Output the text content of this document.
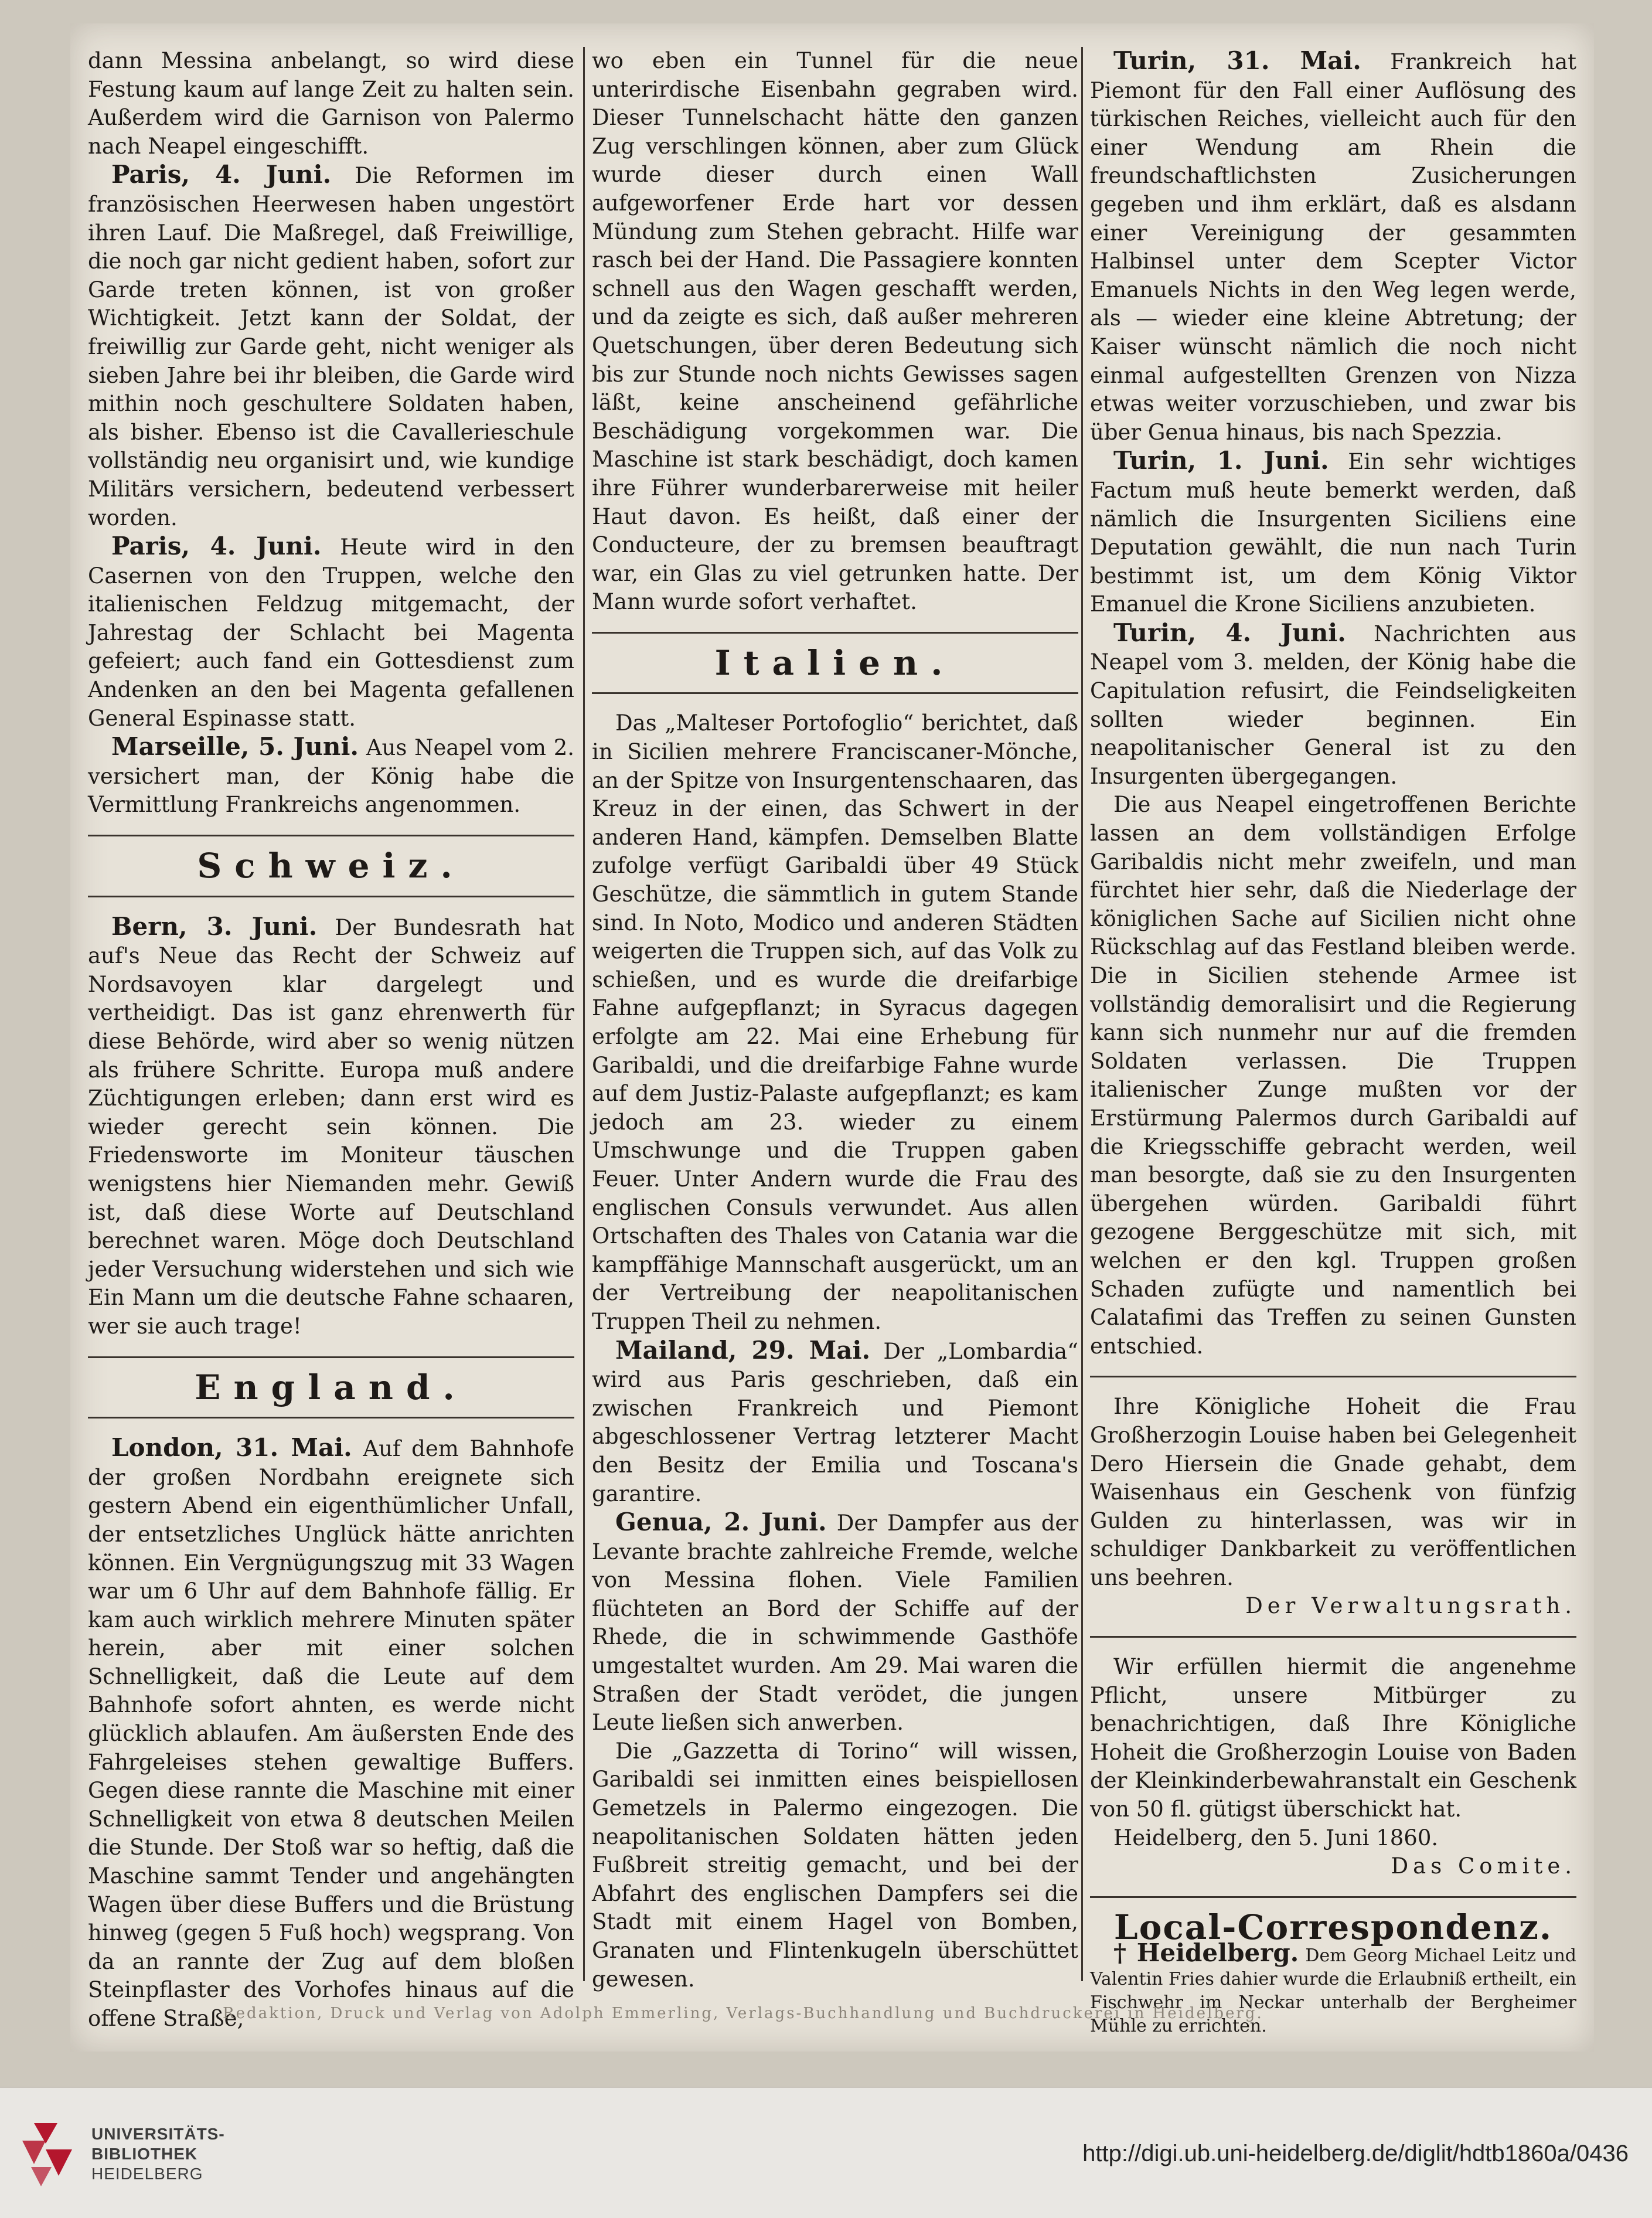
dann Messina anbelangt, so wird diese Festung kaum auf lange Zeit zu halten sein. Außerdem wird die Garnison von Palermo nach Neapel eingeschifft.

Paris, 4. Juni. Die Reformen im französischen Heerwesen haben ungestört ihren Lauf. Die Maßregel, daß Freiwillige, die noch gar nicht gedient haben, sofort zur Garde treten können, ist von großer Wichtigkeit. Jetzt kann der Soldat, der freiwillig zur Garde geht, nicht weniger als sieben Jahre bei ihr bleiben, die Garde wird mithin noch geschultere Soldaten haben, als bisher. Ebenso ist die Cavallerieschule vollständig neu organisirt und, wie kundige Militärs versichern, bedeutend verbessert worden.

Paris, 4. Juni. Heute wird in den Casernen von den Truppen, welche den italienischen Feldzug mitgemacht, der Jahrestag der Schlacht bei Magenta gefeiert; auch fand ein Gottesdienst zum Andenken an den bei Magenta gefallenen General Espinasse statt.

Marseille, 5. Juni. Aus Neapel vom 2. versichert man, der König habe die Vermittlung Frankreichs angenommen.

Schweiz.

Bern, 3. Juni. Der Bundesrath hat auf's Neue das Recht der Schweiz auf Nordsavoyen klar dargelegt und vertheidigt. Das ist ganz ehrenwerth für diese Behörde, wird aber so wenig nützen als frühere Schritte. Europa muß andere Züchtigungen erleben; dann erst wird es wieder gerecht sein können. Die Friedensworte im Moniteur täuschen wenigstens hier Niemanden mehr. Gewiß ist, daß diese Worte auf Deutschland berechnet waren. Möge doch Deutschland jeder Versuchung widerstehen und sich wie Ein Mann um die deutsche Fahne schaaren, wer sie auch trage!

England.

London, 31. Mai. Auf dem Bahnhofe der großen Nordbahn ereignete sich gestern Abend ein eigenthümlicher Unfall, der entsetzliches Unglück hätte anrichten können. Ein Vergnügungszug mit 33 Wagen war um 6 Uhr auf dem Bahnhofe fällig. Er kam auch wirklich mehrere Minuten später herein, aber mit einer solchen Schnelligkeit, daß die Leute auf dem Bahnhofe sofort ahnten, es werde nicht glücklich ablaufen. Am äußersten Ende des Fahrgeleises stehen gewaltige Buffers. Gegen diese rannte die Maschine mit einer Schnelligkeit von etwa 8 deutschen Meilen die Stunde. Der Stoß war so heftig, daß die Maschine sammt Tender und angehängten Wagen über diese Buffers und die Brüstung hinweg (gegen 5 Fuß hoch) wegsprang. Von da an rannte der Zug auf dem bloßen Steinpflaster des Vorhofes hinaus auf die offene Straße,

wo eben ein Tunnel für die neue unterirdische Eisenbahn gegraben wird. Dieser Tunnelschacht hätte den ganzen Zug verschlingen können, aber zum Glück wurde dieser durch einen Wall aufgeworfener Erde hart vor dessen Mündung zum Stehen gebracht. Hilfe war rasch bei der Hand. Die Passagiere konnten schnell aus den Wagen geschafft werden, und da zeigte es sich, daß außer mehreren Quetschungen, über deren Bedeutung sich bis zur Stunde noch nichts Gewisses sagen läßt, keine anscheinend gefährliche Beschädigung vorgekommen war. Die Maschine ist stark beschädigt, doch kamen ihre Führer wunderbarerweise mit heiler Haut davon. Es heißt, daß einer der Conducteure, der zu bremsen beauftragt war, ein Glas zu viel getrunken hatte. Der Mann wurde sofort verhaftet.

Italien.

Das „Malteser Portofoglio“ berichtet, daß in Sicilien mehrere Franciscaner-Mönche, an der Spitze von Insurgentenschaaren, das Kreuz in der einen, das Schwert in der anderen Hand, kämpfen. Demselben Blatte zufolge verfügt Garibaldi über 49 Stück Geschütze, die sämmtlich in gutem Stande sind. In Noto, Modico und anderen Städten weigerten die Truppen sich, auf das Volk zu schießen, und es wurde die dreifarbige Fahne aufgepflanzt; in Syracus dagegen erfolgte am 22. Mai eine Erhebung für Garibaldi, und die dreifarbige Fahne wurde auf dem Justiz-Palaste aufgepflanzt; es kam jedoch am 23. wieder zu einem Umschwunge und die Truppen gaben Feuer. Unter Andern wurde die Frau des englischen Consuls verwundet. Aus allen Ortschaften des Thales von Catania war die kampffähige Mannschaft ausgerückt, um an der Vertreibung der neapolitanischen Truppen Theil zu nehmen.

Mailand, 29. Mai. Der „Lombardia“ wird aus Paris geschrieben, daß ein zwischen Frankreich und Piemont abgeschlossener Vertrag letzterer Macht den Besitz der Emilia und Toscana's garantire.

Genua, 2. Juni. Der Dampfer aus der Levante brachte zahlreiche Fremde, welche von Messina flohen. Viele Familien flüchteten an Bord der Schiffe auf der Rhede, die in schwimmende Gasthöfe umgestaltet wurden. Am 29. Mai waren die Straßen der Stadt verödet, die jungen Leute ließen sich anwerben.

Die „Gazzetta di Torino“ will wissen, Garibaldi sei inmitten eines beispiellosen Gemetzels in Palermo eingezogen. Die neapolitanischen Soldaten hätten jeden Fußbreit streitig gemacht, und bei der Abfahrt des englischen Dampfers sei die Stadt mit einem Hagel von Bomben, Granaten und Flintenkugeln überschüttet gewesen.

Turin, 31. Mai. Frankreich hat Piemont für den Fall einer Auflösung des türkischen Reiches, vielleicht auch für den einer Wendung am Rhein die freundschaftlichsten Zusicherungen gegeben und ihm erklärt, daß es alsdann einer Vereinigung der gesammten Halbinsel unter dem Scepter Victor Emanuels Nichts in den Weg legen werde, als — wieder eine kleine Abtretung; der Kaiser wünscht nämlich die noch nicht einmal aufgestellten Grenzen von Nizza etwas weiter vorzuschieben, und zwar bis über Genua hinaus, bis nach Spezzia.

Turin, 1. Juni. Ein sehr wichtiges Factum muß heute bemerkt werden, daß nämlich die Insurgenten Siciliens eine Deputation gewählt, die nun nach Turin bestimmt ist, um dem König Viktor Emanuel die Krone Siciliens anzubieten.

Turin, 4. Juni. Nachrichten aus Neapel vom 3. melden, der König habe die Capitulation refusirt, die Feindseligkeiten sollten wieder beginnen. Ein neapolitanischer General ist zu den Insurgenten übergegangen.

Die aus Neapel eingetroffenen Berichte lassen an dem vollständigen Erfolge Garibaldis nicht mehr zweifeln, und man fürchtet hier sehr, daß die Niederlage der königlichen Sache auf Sicilien nicht ohne Rückschlag auf das Festland bleiben werde. Die in Sicilien stehende Armee ist vollständig demoralisirt und die Regierung kann sich nunmehr nur auf die fremden Soldaten verlassen. Die Truppen italienischer Zunge mußten vor der Erstürmung Palermos durch Garibaldi auf die Kriegsschiffe gebracht werden, weil man besorgte, daß sie zu den Insurgenten übergehen würden. Garibaldi führt gezogene Berggeschütze mit sich, mit welchen er den kgl. Truppen großen Schaden zufügte und namentlich bei Calatafimi das Treffen zu seinen Gunsten entschied.

Ihre Königliche Hoheit die Frau Großherzogin Louise haben bei Gelegenheit Dero Hiersein die Gnade gehabt, dem Waisenhaus ein Geschenk von fünfzig Gulden zu hinterlassen, was wir in schuldiger Dankbarkeit zu veröffentlichen uns beehren.

Der Verwaltungsrath.

Wir erfüllen hiermit die angenehme Pflicht, unsere Mitbürger zu benachrichtigen, daß Ihre Königliche Hoheit die Großherzogin Louise von Baden der Kleinkinderbewahranstalt ein Geschenk von 50 fl. gütigst überschickt hat.

Heidelberg, den 5. Juni 1860.

Das Comite.

Local-Correspondenz.

† Heidelberg. Dem Georg Michael Leitz und Valentin Fries dahier wurde die Erlaubniß ertheilt, ein Fischwehr im Neckar unterhalb der Bergheimer Mühle zu errichten.

Redaktion, Druck und Verlag von Adolph Emmerling, Verlags-Buchhandlung und Buchdruckerei in Heidelberg.
UNIVERSITÄTS-
BIBLIOTHEK
HEIDELBERG
http://digi.ub.uni-heidelberg.de/diglit/hdtb1860a/0436
